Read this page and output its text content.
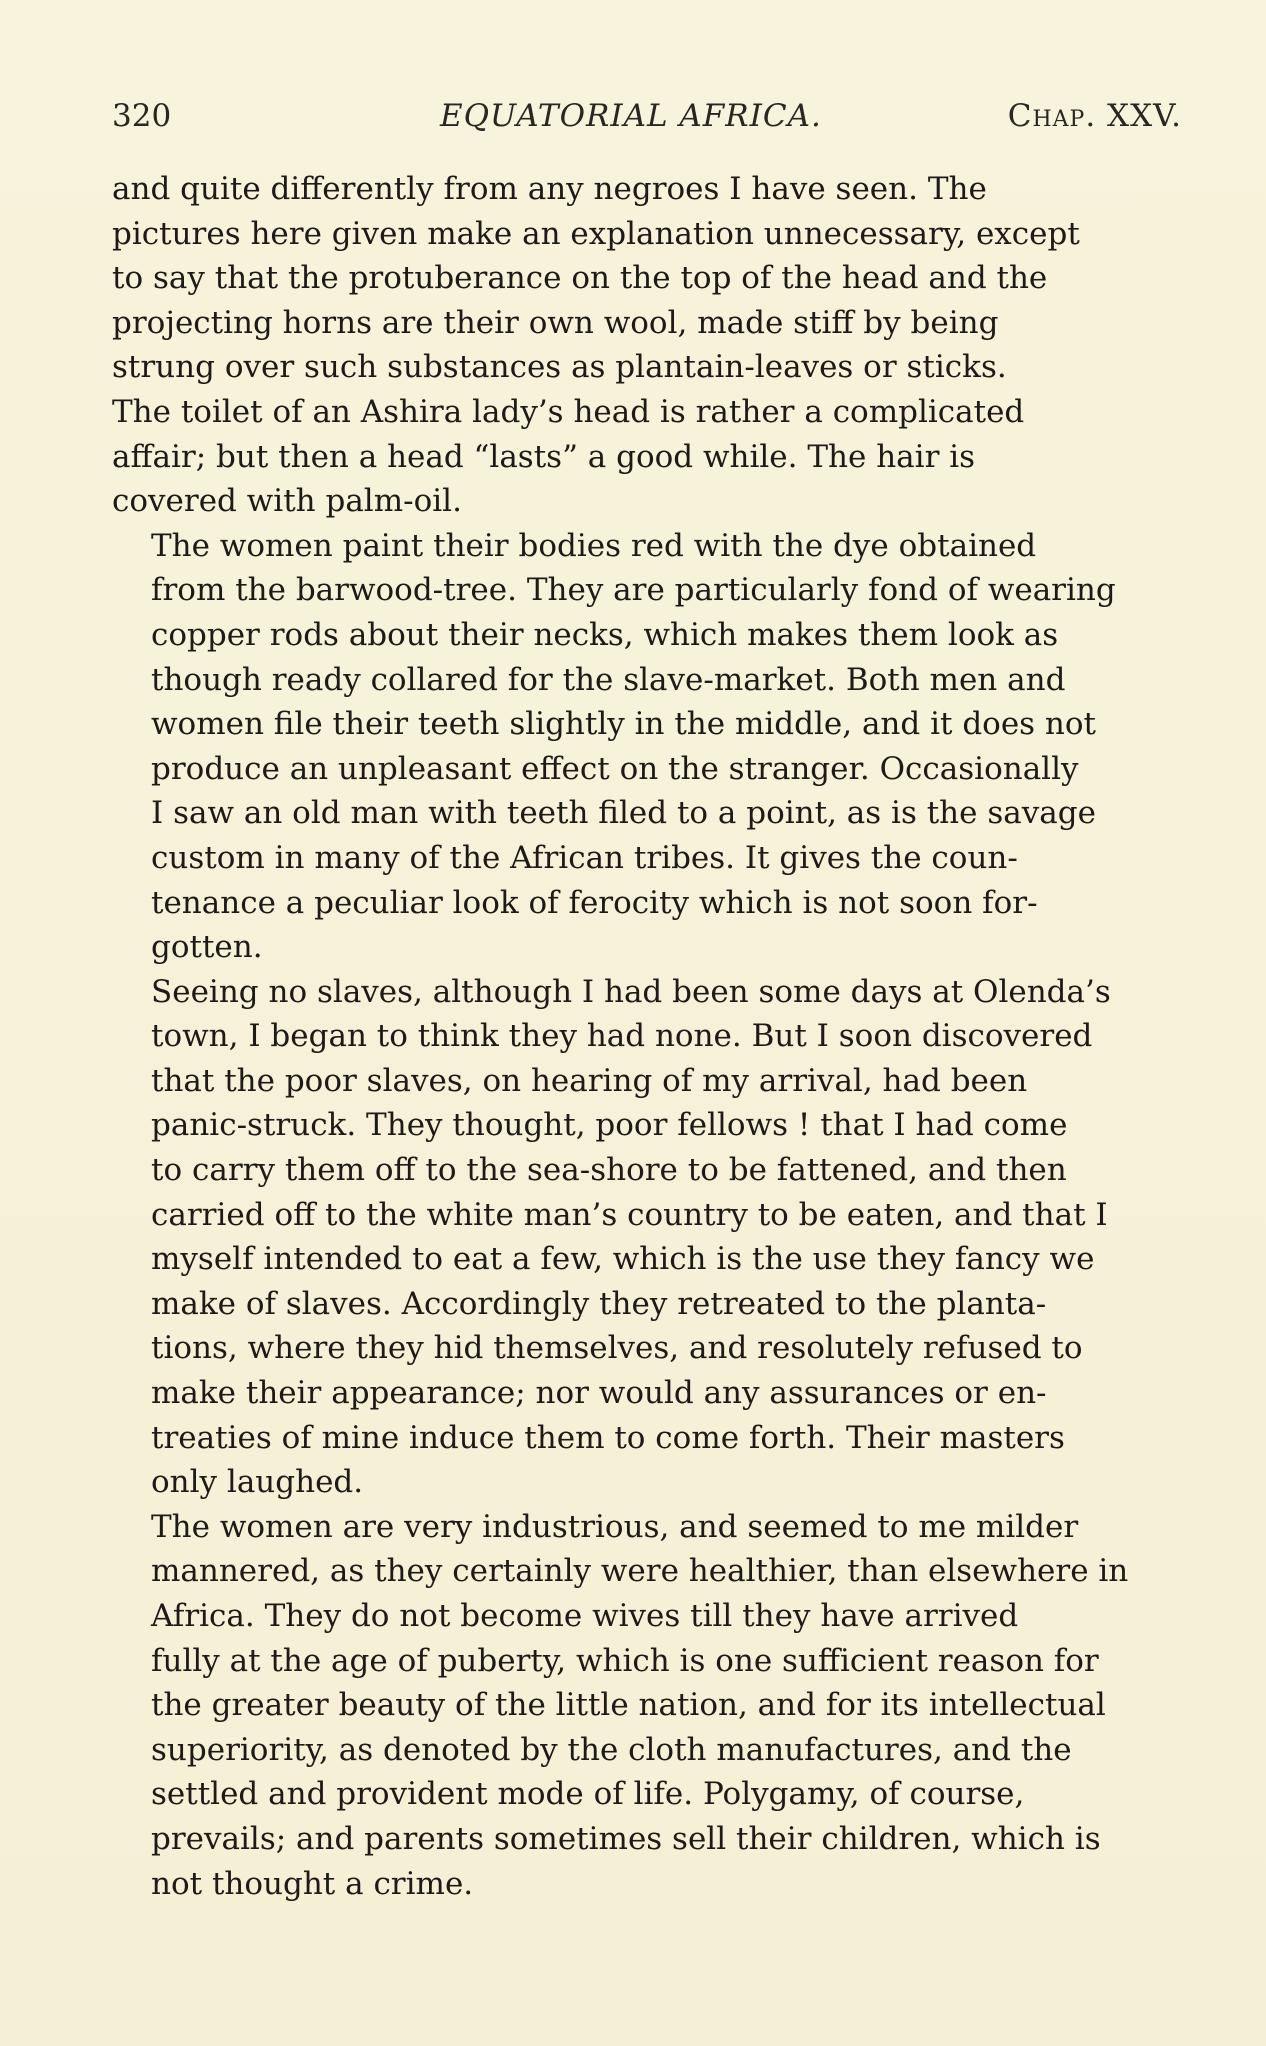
320	EQUATORIAL AFRICA.	Chap. XXV.

and quite differently from any negroes I have seen. The
pictures here given make an explanation unnecessary, except
to say that the protuberance on the top of the head and the
projecting horns are their own wool, made stiff by being
strung over such substances as plantain-leaves or sticks.
The toilet of an Ashira lady’s head is rather a complicated
affair; but then a head “lasts” a good while. The hair is
covered with palm-oil.

The women paint their bodies red with the dye obtained
from the barwood-tree. They are particularly fond of wearing
copper rods about their necks, which makes them look as
though ready collared for the slave-market. Both men and
women file their teeth slightly in the middle, and it does not
produce an unpleasant effect on the stranger. Occasionally
I saw an old man with teeth filed to a point, as is the savage
custom in many of the African tribes. It gives the coun-
tenance a peculiar look of ferocity which is not soon for-
gotten.

Seeing no slaves, although I had been some days at Olenda’s
town, I began to think they had none. But I soon discovered
that the poor slaves, on hearing of my arrival, had been
panic-struck. They thought, poor fellows ! that I had come
to carry them off to the sea-shore to be fattened, and then
carried off to the white man’s country to be eaten, and that I
myself intended to eat a few, which is the use they fancy we
make of slaves. Accordingly they retreated to the planta-
tions, where they hid themselves, and resolutely refused to
make their appearance; nor would any assurances or en-
treaties of mine induce them to come forth. Their masters
only laughed.

The women are very industrious, and seemed to me milder
mannered, as they certainly were healthier, than elsewhere in
Africa. They do not become wives till they have arrived
fully at the age of puberty, which is one sufficient reason for
the greater beauty of the little nation, and for its intellectual
superiority, as denoted by the cloth manufactures, and the
settled and provident mode of life. Polygamy, of course,
prevails; and parents sometimes sell their children, which is
not thought a crime.
